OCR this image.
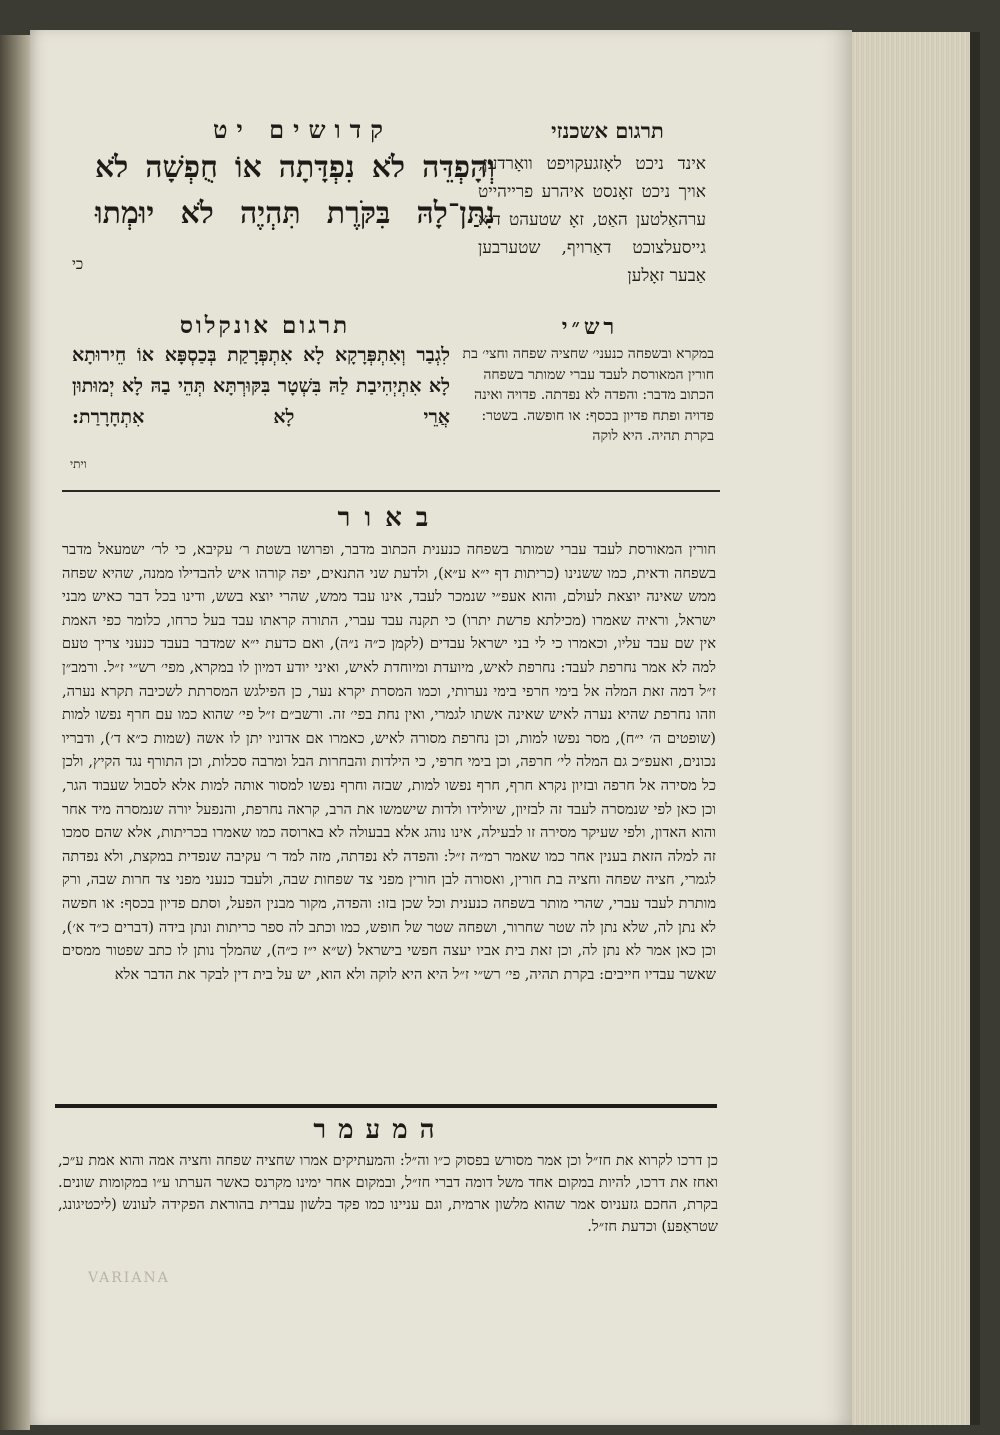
תרגום אשכנזי
אינד ניכט לאָזגעקויפט וואָרדען, אויך ניכט זאָנסט איהרע פרייהייט ערהאַלטען האַט, זאָ שטעהט דיא גייסעלצוכט דאַרויף, שטערבען אַבער זאָלען
קדושים יט
וְהָפְדֵּה לֹא נִפְדָּתָה אוֹ חֻפְשָׁה לֹא נִתַּן־לָהּ בִּקֹּרֶת תִּהְיֶה לֹא יוּמְתוּ
כי
רש״י
במקרא ובשפחה כנעני׳ שחציה שפחה וחצי׳ בת חורין המאורסת לעבד עברי שמותר בשפחה הכתוב מדבר: והפדה לא נפדתה. פדויה ואינה פדויה ופתח פדיון בכסף: או חופשה. בשטר: בקרת תהיה. היא לוקה
תרגום אונקלוס
לִגְבַר וְאִתְפְּרָקָא לָא אִתְפְּרָקַת בְּכַסְפָּא אוֹ חֵירוּתָא לָא אִתְיְהִיבַת לַהּ בִּשְׁטָר בִּקּוּרְתָּא תְּהֵי בַהּ לָא יְמוּתוּן אֲרֵי לָא אִתְחָרָרַת:
ויתי
באור
חורין המאורסת לעבד עברי שמותר בשפחה כנענית הכתוב מדבר, ופרושו בשטת ר׳ עקיבא, כי לר׳ ישמעאל מדבר בשפחה ודאית, כמו ששנינו (כריתות דף י״א ע״א), ולדעת שני התנאים, יפה קורהו איש להבדילו ממנה, שהיא שפחה ממש שאינה יוצאת לעולם, והוא אעפ״י שנמכר לעבד, אינו עבד ממש, שהרי יוצא בשש, ודינו בכל דבר כאיש מבני ישראל, וראיה שאמרו (מכילתא פרשת יתרו) כי תקנה עבד עברי, התורה קראתו עבד בעל כרחו, כלומר כפי האמת אין שם עבד עליו, וכאמרו כי לי בני ישראל עבדים (לקמן כ״ה נ״ה), ואם כדעת י״א שמדבר בעבד כנעני צריך טעם למה לא אמר נחרפת לעבד: נחרפת לאיש, מיועדת ומיוחדת לאיש, ואיני יודע דמיון לו במקרא, מפי׳ רש״י ז״ל. ורמב״ן ז״ל דמה זאת המלה אל בימי חרפי בימי נערותי, וכמו המסרת יקרא נער, כן הפילגש המסרתת לשכיבה תקרא נערה, וזהו נחרפת שהיא נערה לאיש שאינה אשתו לגמרי, ואין נחת בפי׳ זה. ורשב״ם ז״ל פי׳ שהוא כמו עם חרף נפשו למות (שופטים ה׳ י״ח), מסר נפשו למות, וכן נחרפת מסורה לאיש, כאמרו אם אדוניו יתן לו אשה (שמות כ״א ד׳), ודבריו נכונים, ואעפ״כ גם המלה לי׳ חרפה, וכן בימי חרפי, כי הילדות והבחרות הבל ומרבה סכלות, וכן התורף נגד הקיץ, ולכן כל מסירה אל חרפה ובזיון נקרא חרף, חרף נפשו למות, שבזה וחרף נפשו למסור אותה למות אלא לסבול שעבוד הגר, וכן כאן לפי שנמסרה לעבד זה לבזיון, שיולידו ולדות שישמשו את הרב, קראה נחרפת, והנפעל יורה שנמסרה מיד אחר והוא האדון, ולפי שעיקר מסירה זו לבעילה, אינו נוהג אלא בבעולה לא בארוסה כמו שאמרו בכריתות, אלא שהם סמכו זה למלה הזאת בענין אחר כמו שאמר רמ״ה ז״ל: והפדה לא נפדתה, מזה למד ר׳ עקיבה שנפדית במקצת, ולא נפדתה לגמרי, חציה שפחה וחציה בת חורין, ואסורה לבן חורין מפני צד שפחות שבה, ולעבד כנעני מפני צד חרות שבה, ורק מותרת לעבד עברי, שהרי מותר בשפחה כנענית וכל שכן בזו: והפדה, מקור מבנין הפעל, וסתם פדיון בכסף: או חפשה לא נתן לה, שלא נתן לה שטר שחרור, ושפחה שטר של חופש, כמו וכתב לה ספר כריתות ונתן בידה (דברים כ״ד א׳), וכן כאן אמר לא נתן לה, וכן זאת בית אביו יעצה חפשי בישראל (ש״א י״ז כ״ה), שהמלך נותן לו כתב שפטור ממסים שאשר עבדיו חייבים: בקרת תהיה, פי׳ רש״י ז״ל היא היא לוקה ולא הוא, יש על בית דין לבקר את הדבר אלא
המעמר
כן דרכו לקרוא את חז״ל וכן אמר מסורש בפסוק כ״ו וה״ל: והמעתיקים אמרו שחציה שפחה וחציה אמה והוא אמת ע״כ, ואחז את דרכו, להיות במקום אחד משל דומה דברי חז״ל, ובמקום אחר ימינו מקרנס כאשר הערתו ע״ו במקומות שונים. בקרת, החכם גזעניוס אמר שהוא מלשון ארמית, וגם עניינו כמו פקד בלשון עברית בהוראת הפקידה לעונש (ליכטיגונג, שטראַפע) וכדעת חז״ל.
VARIANA
